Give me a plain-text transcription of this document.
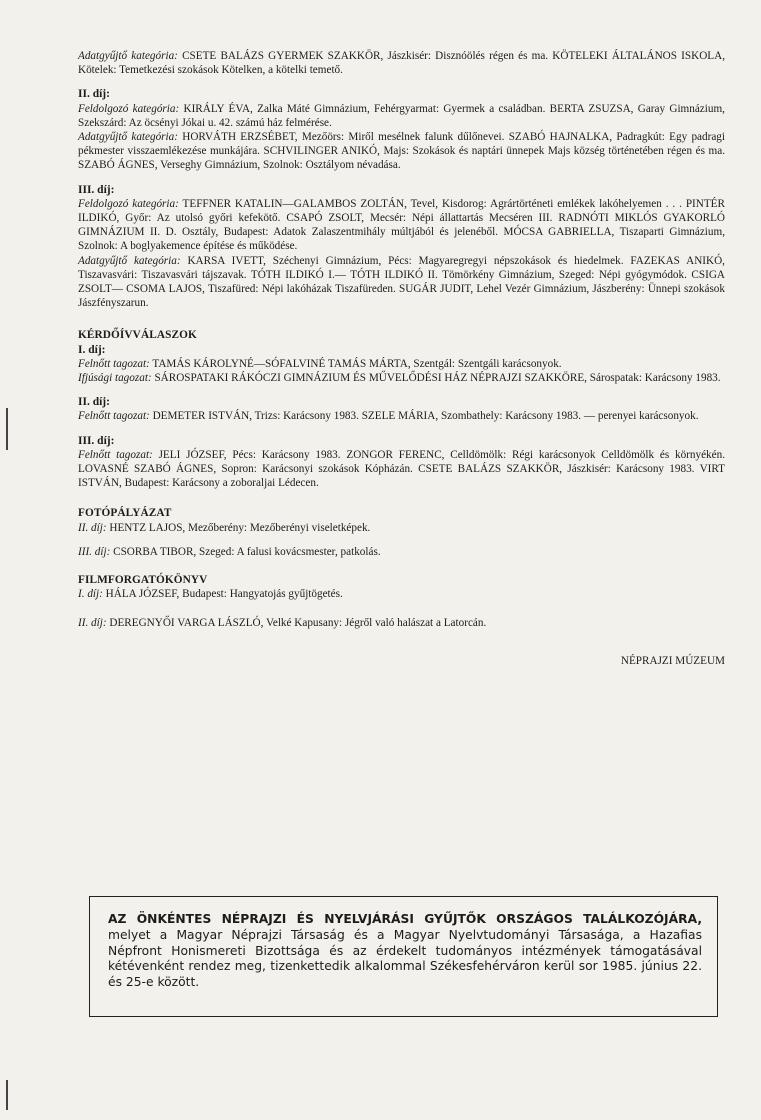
Adatgyűjtő kategória: CSETE BALÁZS GYERMEK SZAKKÖR, Jászkisér: Disznóölés régen és ma. KÖTELEKI ÁLTALÁNOS ISKOLA, Kötelek: Temetkezési szokások Kötelken, a kötelki temető.
II. díj:
Feldolgozó kategória: KIRÁLY ÉVA, Zalka Máté Gimnázium, Fehérgyarmat: Gyermek a családban. BERTA ZSUZSA, Garay Gimnázium, Szekszárd: Az öcsényi Jókai u. 42. számú ház felmérése.
Adatgyűjtő kategória: HORVÁTH ERZSÉBET, Mezőörs: Miről mesélnek falunk dűlőnevei. SZABÓ HAJNALKA, Padragkút: Egy padragi pékmester visszaemlékezése munkájára. SCHVILINGER ANIKÓ, Majs: Szokások és naptári ünnepek Majs község történetében régen és ma. SZABÓ ÁGNES, Verseghy Gimnázium, Szolnok: Osztályom névadása.
III. díj:
Feldolgozó kategória: TEFFNER KATALIN—GALAMBOS ZOLTÁN, Tevel, Kisdorog: Agrártörténeti emlékek lakóhelyemen . . . PINTÉR ILDIKÓ, Győr: Az utolsó győri kefekötő. CSAPÓ ZSOLT, Mecsér: Népi állattartás Mecséren III. RADNÓTI MIKLÓS GYAKORLÓ GIMNÁZIUM II. D. Osztály, Budapest: Adatok Zalaszentmihály múltjából és jelenéből. MÓCSA GABRIELLA, Tiszaparti Gimnázium, Szolnok: A boglyakemence építése és működése.
Adatgyűjtő kategória: KARSA IVETT, Széchenyi Gimnázium, Pécs: Magyaregregyi népszokások és hiedelmek. FAZEKAS ANIKÓ, Tiszavasvári: Tiszavasvári tájszavak. TÓTH ILDIKÓ I.— TÓTH ILDIKÓ II. Tömörkény Gimnázium, Szeged: Népi gyógymódok. CSIGA ZSOLT— CSOMA LAJOS, Tiszafüred: Népi lakóházak Tiszafüreden. SUGÁR JUDIT, Lehel Vezér Gimnázium, Jászberény: Ünnepi szokások Jászfényszarun.
KÉRDŐÍVVÁLASZOK
I. díj:
Felnőtt tagozat: TAMÁS KÁROLYNÉ—SÓFALVINÉ TAMÁS MÁRTA, Szentgál: Szentgáli karácsonyok.
Ifjúsági tagozat: SÁROSPATAKI RÁKÓCZI GIMNÁZIUM ÉS MŰVELŐDÉSI HÁZ NÉPRAJZI SZAKKÖRE, Sárospatak: Karácsony 1983.
II. díj:
Felnőtt tagozat: DEMETER ISTVÁN, Trizs: Karácsony 1983. SZELE MÁRIA, Szombathely: Karácsony 1983. — perenyei karácsonyok.
III. díj:
Felnőtt tagozat: JELI JÓZSEF, Pécs: Karácsony 1983. ZONGOR FERENC, Celldömölk: Régi karácsonyok Celldömölk és környékén. LOVASNÉ SZABÓ ÁGNES, Sopron: Karácsonyi szokások Kópházán. CSETE BALÁZS SZAKKÖR, Jászkisér: Karácsony 1983. VIRT ISTVÁN, Budapest: Karácsony a zoboraljai Lédecen.
FOTÓPÁLYÁZAT
II. díj: HENTZ LAJOS, Mezőberény: Mezőberényi viseletképek.
III. díj: CSORBA TIBOR, Szeged: A falusi kovácsmester, patkolás.
FILMFORGATÓKÖNYV
I. díj: HÁLA JÓZSEF, Budapest: Hangyatojás gyűjtögetés.
II. díj: DEREGNYŐI VARGA LÁSZLÓ, Velké Kapusany: Jégről való halászat a Latorcán.
NÉPRAJZI MÚZEUM
AZ ÖNKÉNTES NÉPRAJZI ÉS NYELVJÁRÁSI GYŰJTŐK ORSZÁGOS TALÁLKOZÓJÁRA, melyet a Magyar Néprajzi Társaság és a Magyar Nyelvtudományi Társasága, a Hazafias Népfront Honismereti Bizottsága és az érdekelt tudományos intézmények támogatásával kétévenként rendez meg, tizenkettedik alkalommal Székesfehérváron kerül sor 1985. június 22. és 25-e között.
